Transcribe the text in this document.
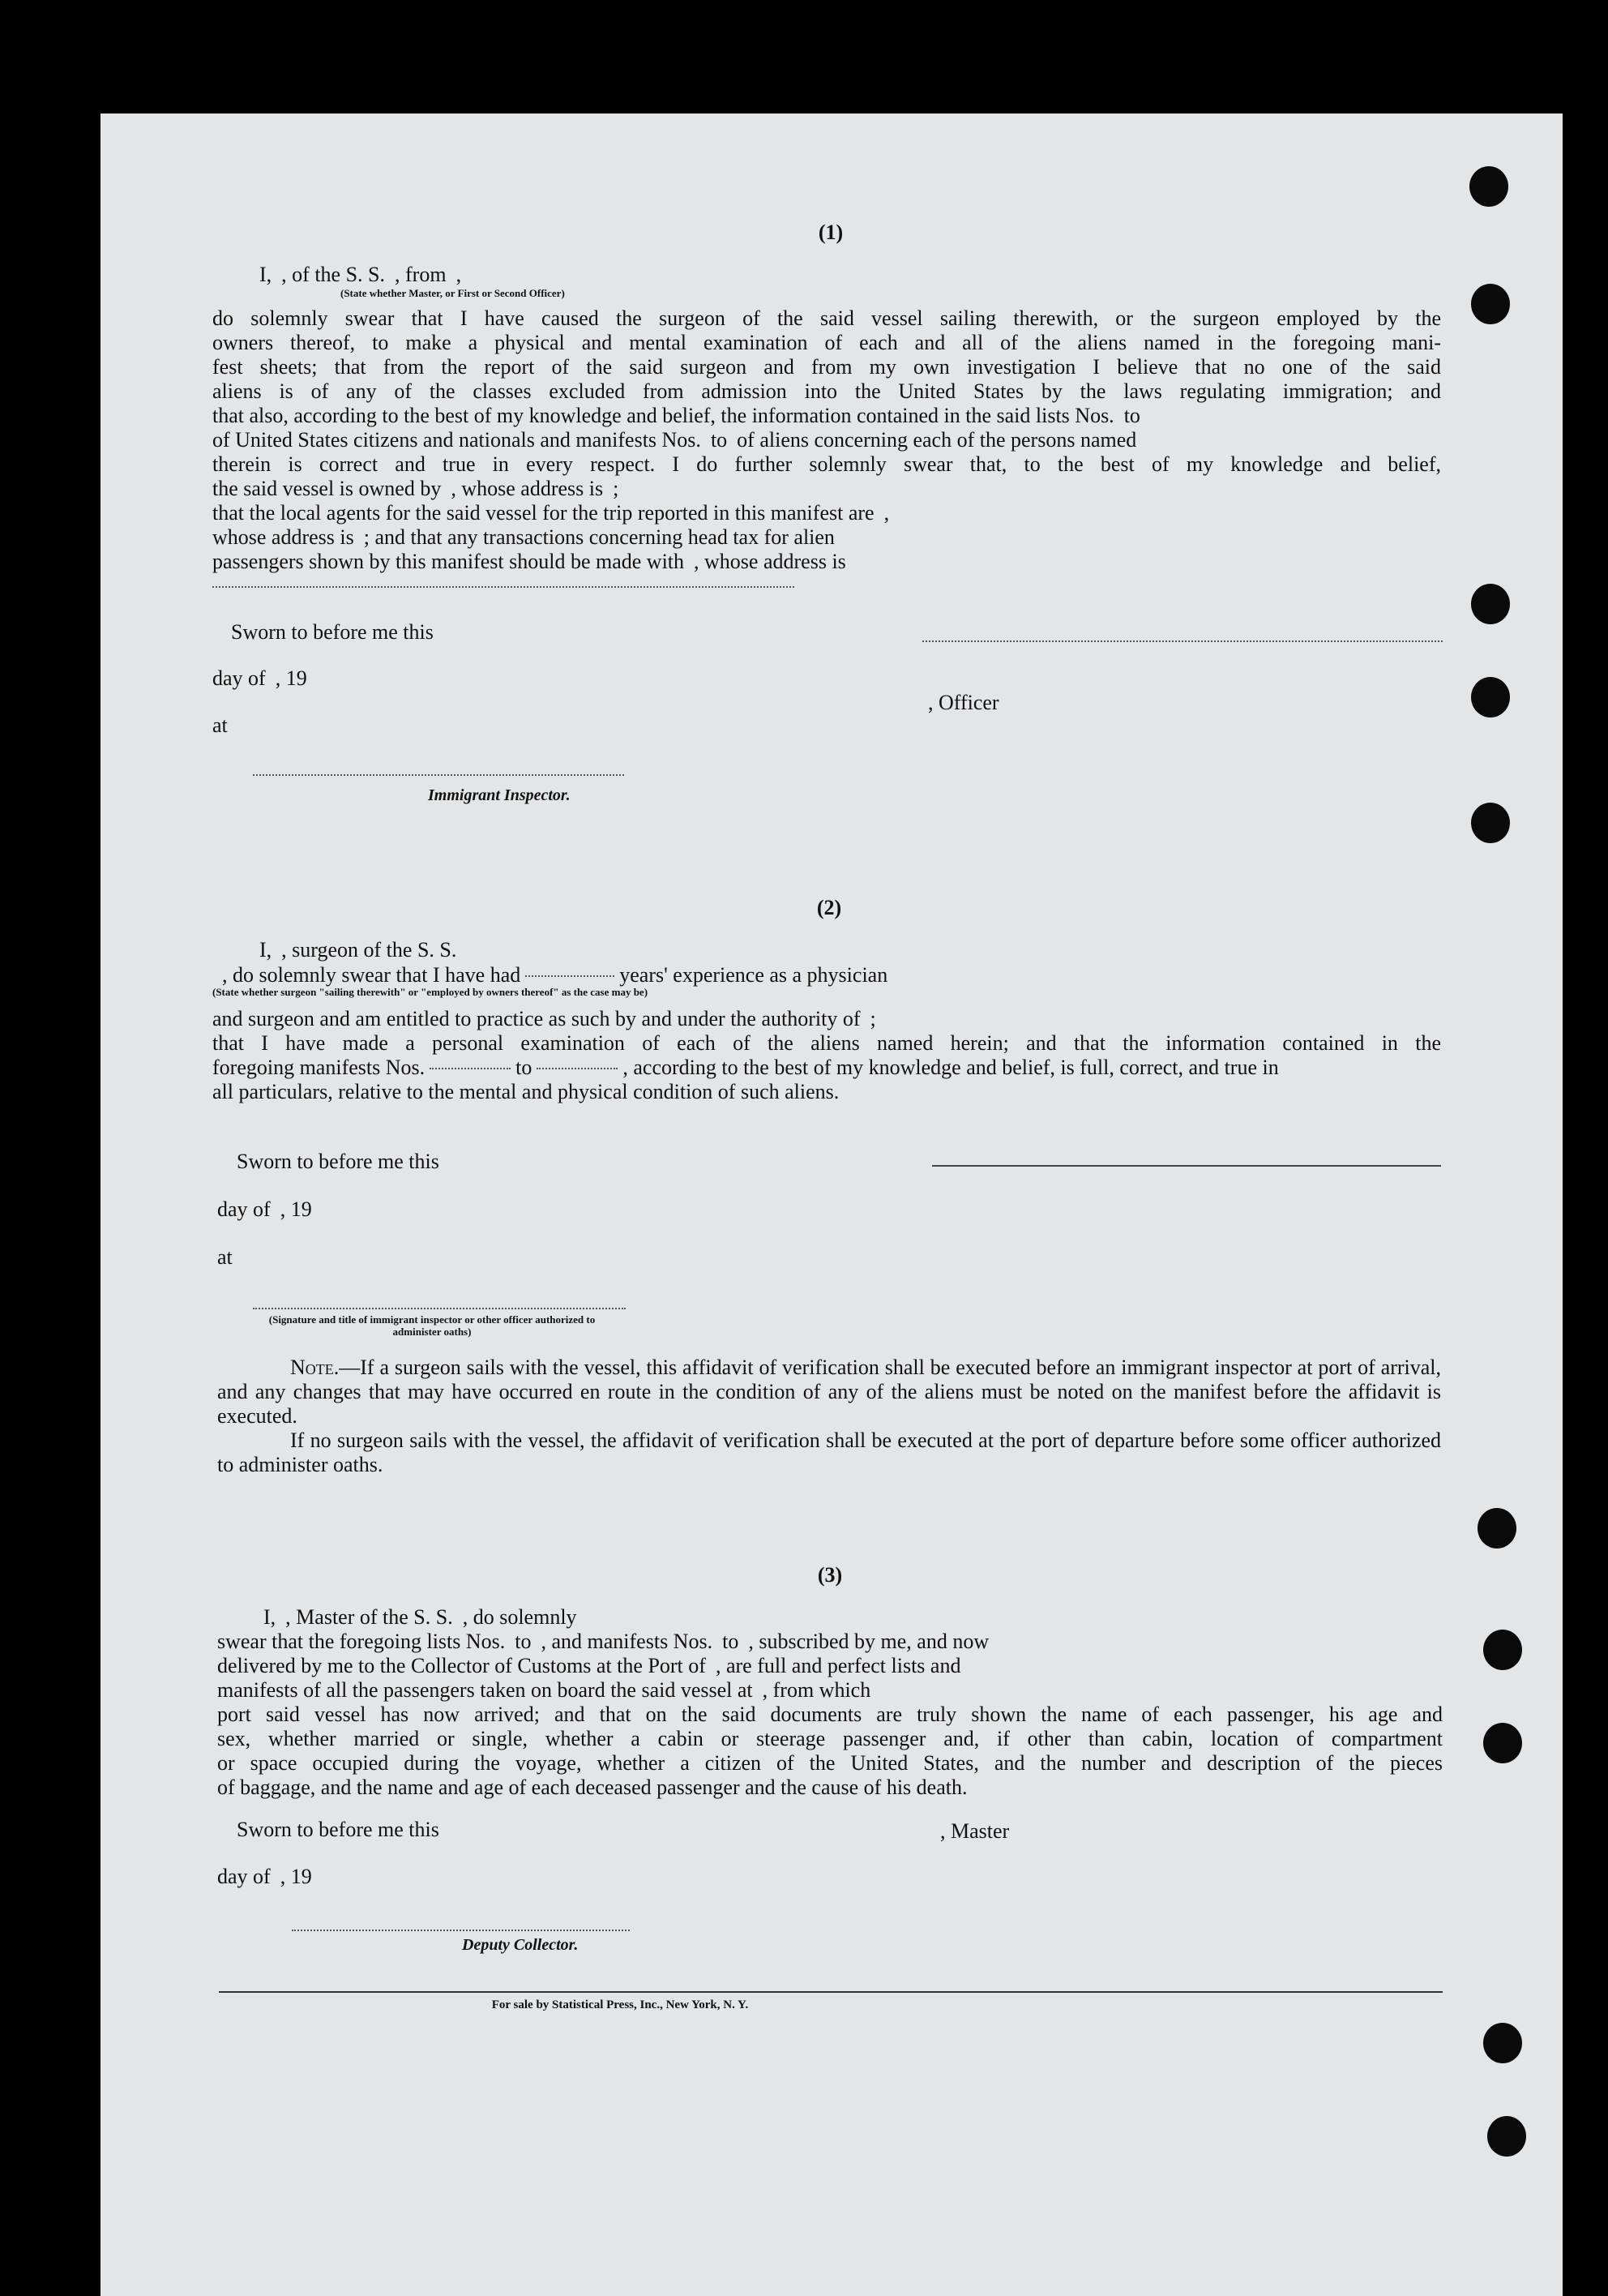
(1)
I, , of the S. S. , from ,
(State whether Master, or First or Second Officer)
do solemnly swear that I have caused the surgeon of the said vessel sailing therewith, or the surgeon employed by the
owners thereof, to make a physical and mental examination of each and all of the aliens named in the foregoing mani-
fest sheets; that from the report of the said surgeon and from my own investigation I believe that no one of the said
aliens is of any of the classes excluded from admission into the United States by the laws regulating immigration; and
that also, according to the best of my knowledge and belief, the information contained in the said lists Nos. to
of United States citizens and nationals and manifests Nos. to of aliens concerning each of the persons named
therein is correct and true in every respect. I do further solemnly swear that, to the best of my knowledge and belief,
the said vessel is owned by , whose address is ;
that the local agents for the said vessel for the trip reported in this manifest are ,
whose address is ; and that any transactions concerning head tax for alien
passengers shown by this manifest should be made with , whose address is
Sworn to before me this
day of , 19
, Officer
at
Immigrant Inspector.
(2)
I, , surgeon of the S. S.
, do solemnly swear that I have had	years' experience as a physician
(State whether surgeon "sailing therewith" or "employed by owners thereof" as the case may be)
and surgeon and am entitled to practice as such by and under the authority of ;
that I have made a personal examination of each of the aliens named herein; and that the information contained in the
foregoing manifests Nos.	to	, according to the best of my knowledge and belief, is full, correct, and true in
all particulars, relative to the mental and physical condition of such aliens.
Sworn to before me this
day of , 19
at
(Signature and title of immigrant inspector or other officer authorized to administer oaths)

Note.—If a surgeon sails with the vessel, this affidavit of verification shall be executed before an immigrant inspector at port of arrival, and any changes that may have occurred en route in the condition of any of the aliens must be noted on the manifest before the affidavit is executed.

If no surgeon sails with the vessel, the affidavit of verification shall be executed at the port of departure before some officer authorized to administer oaths.

(3)
I, , Master of the S. S. , do solemnly
swear that the foregoing lists Nos. to , and manifests Nos. to , subscribed by me, and now
delivered by me to the Collector of Customs at the Port of , are full and perfect lists and
manifests of all the passengers taken on board the said vessel at , from which
port said vessel has now arrived; and that on the said documents are truly shown the name of each passenger, his age and
sex, whether married or single, whether a cabin or steerage passenger and, if other than cabin, location of compartment
or space occupied during the voyage, whether a citizen of the United States, and the number and description of the pieces
of baggage, and the name and age of each deceased passenger and the cause of his death.
Sworn to before me this	, Master
day of , 19
Deputy Collector.
For sale by Statistical Press, Inc., New York, N. Y.
